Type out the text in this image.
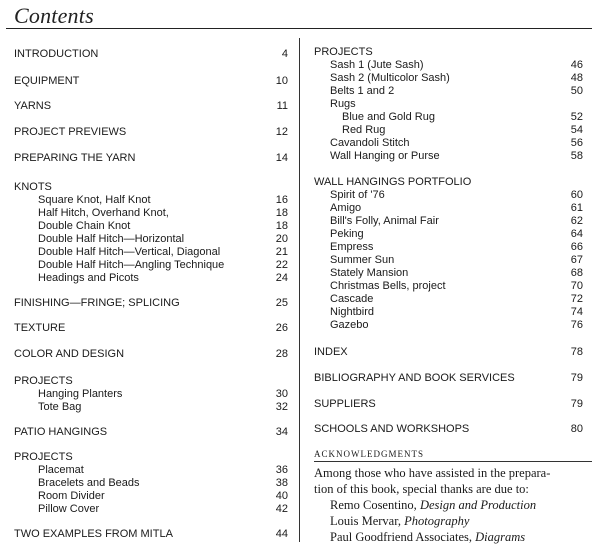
Contents
INTRODUCTION	4
EQUIPMENT	10
YARNS	11
PROJECT PREVIEWS	12
PREPARING THE YARN	14
KNOTS
Square Knot, Half Knot	16
Half Hitch, Overhand Knot,	18
Double Chain Knot	18
Double Half Hitch—Horizontal	20
Double Half Hitch—Vertical, Diagonal	21
Double Half Hitch—Angling Technique	22
Headings and Picots	24
FINISHING—FRINGE; SPLICING	25
TEXTURE	26
COLOR AND DESIGN	28
PROJECTS
Hanging Planters	30
Tote Bag	32
PATIO HANGINGS	34
PROJECTS
Placemat	36
Bracelets and Beads	38
Room Divider	40
Pillow Cover	42
TWO EXAMPLES FROM MITLA	44
PROJECTS
Sash 1 (Jute Sash)	46
Sash 2 (Multicolor Sash)	48
Belts 1 and 2	50
Rugs
Blue and Gold Rug	52
Red Rug	54
Cavandoli Stitch	56
Wall Hanging or Purse	58
WALL HANGINGS PORTFOLIO
Spirit of '76	60
Amigo	61
Bill's Folly, Animal Fair	62
Peking	64
Empress	66
Summer Sun	67
Stately Mansion	68
Christmas Bells, project	70
Cascade	72
Nightbird	74
Gazebo	76
INDEX	78
BIBLIOGRAPHY AND BOOK SERVICES	79
SUPPLIERS	79
SCHOOLS AND WORKSHOPS	80
ACKNOWLEDGMENTS
Among those who have assisted in the prepara-
tion of this book, special thanks are due to:
Remo Cosentino, Design and Production
Louis Mervar, Photography
Paul Goodfriend Associates, Diagrams
